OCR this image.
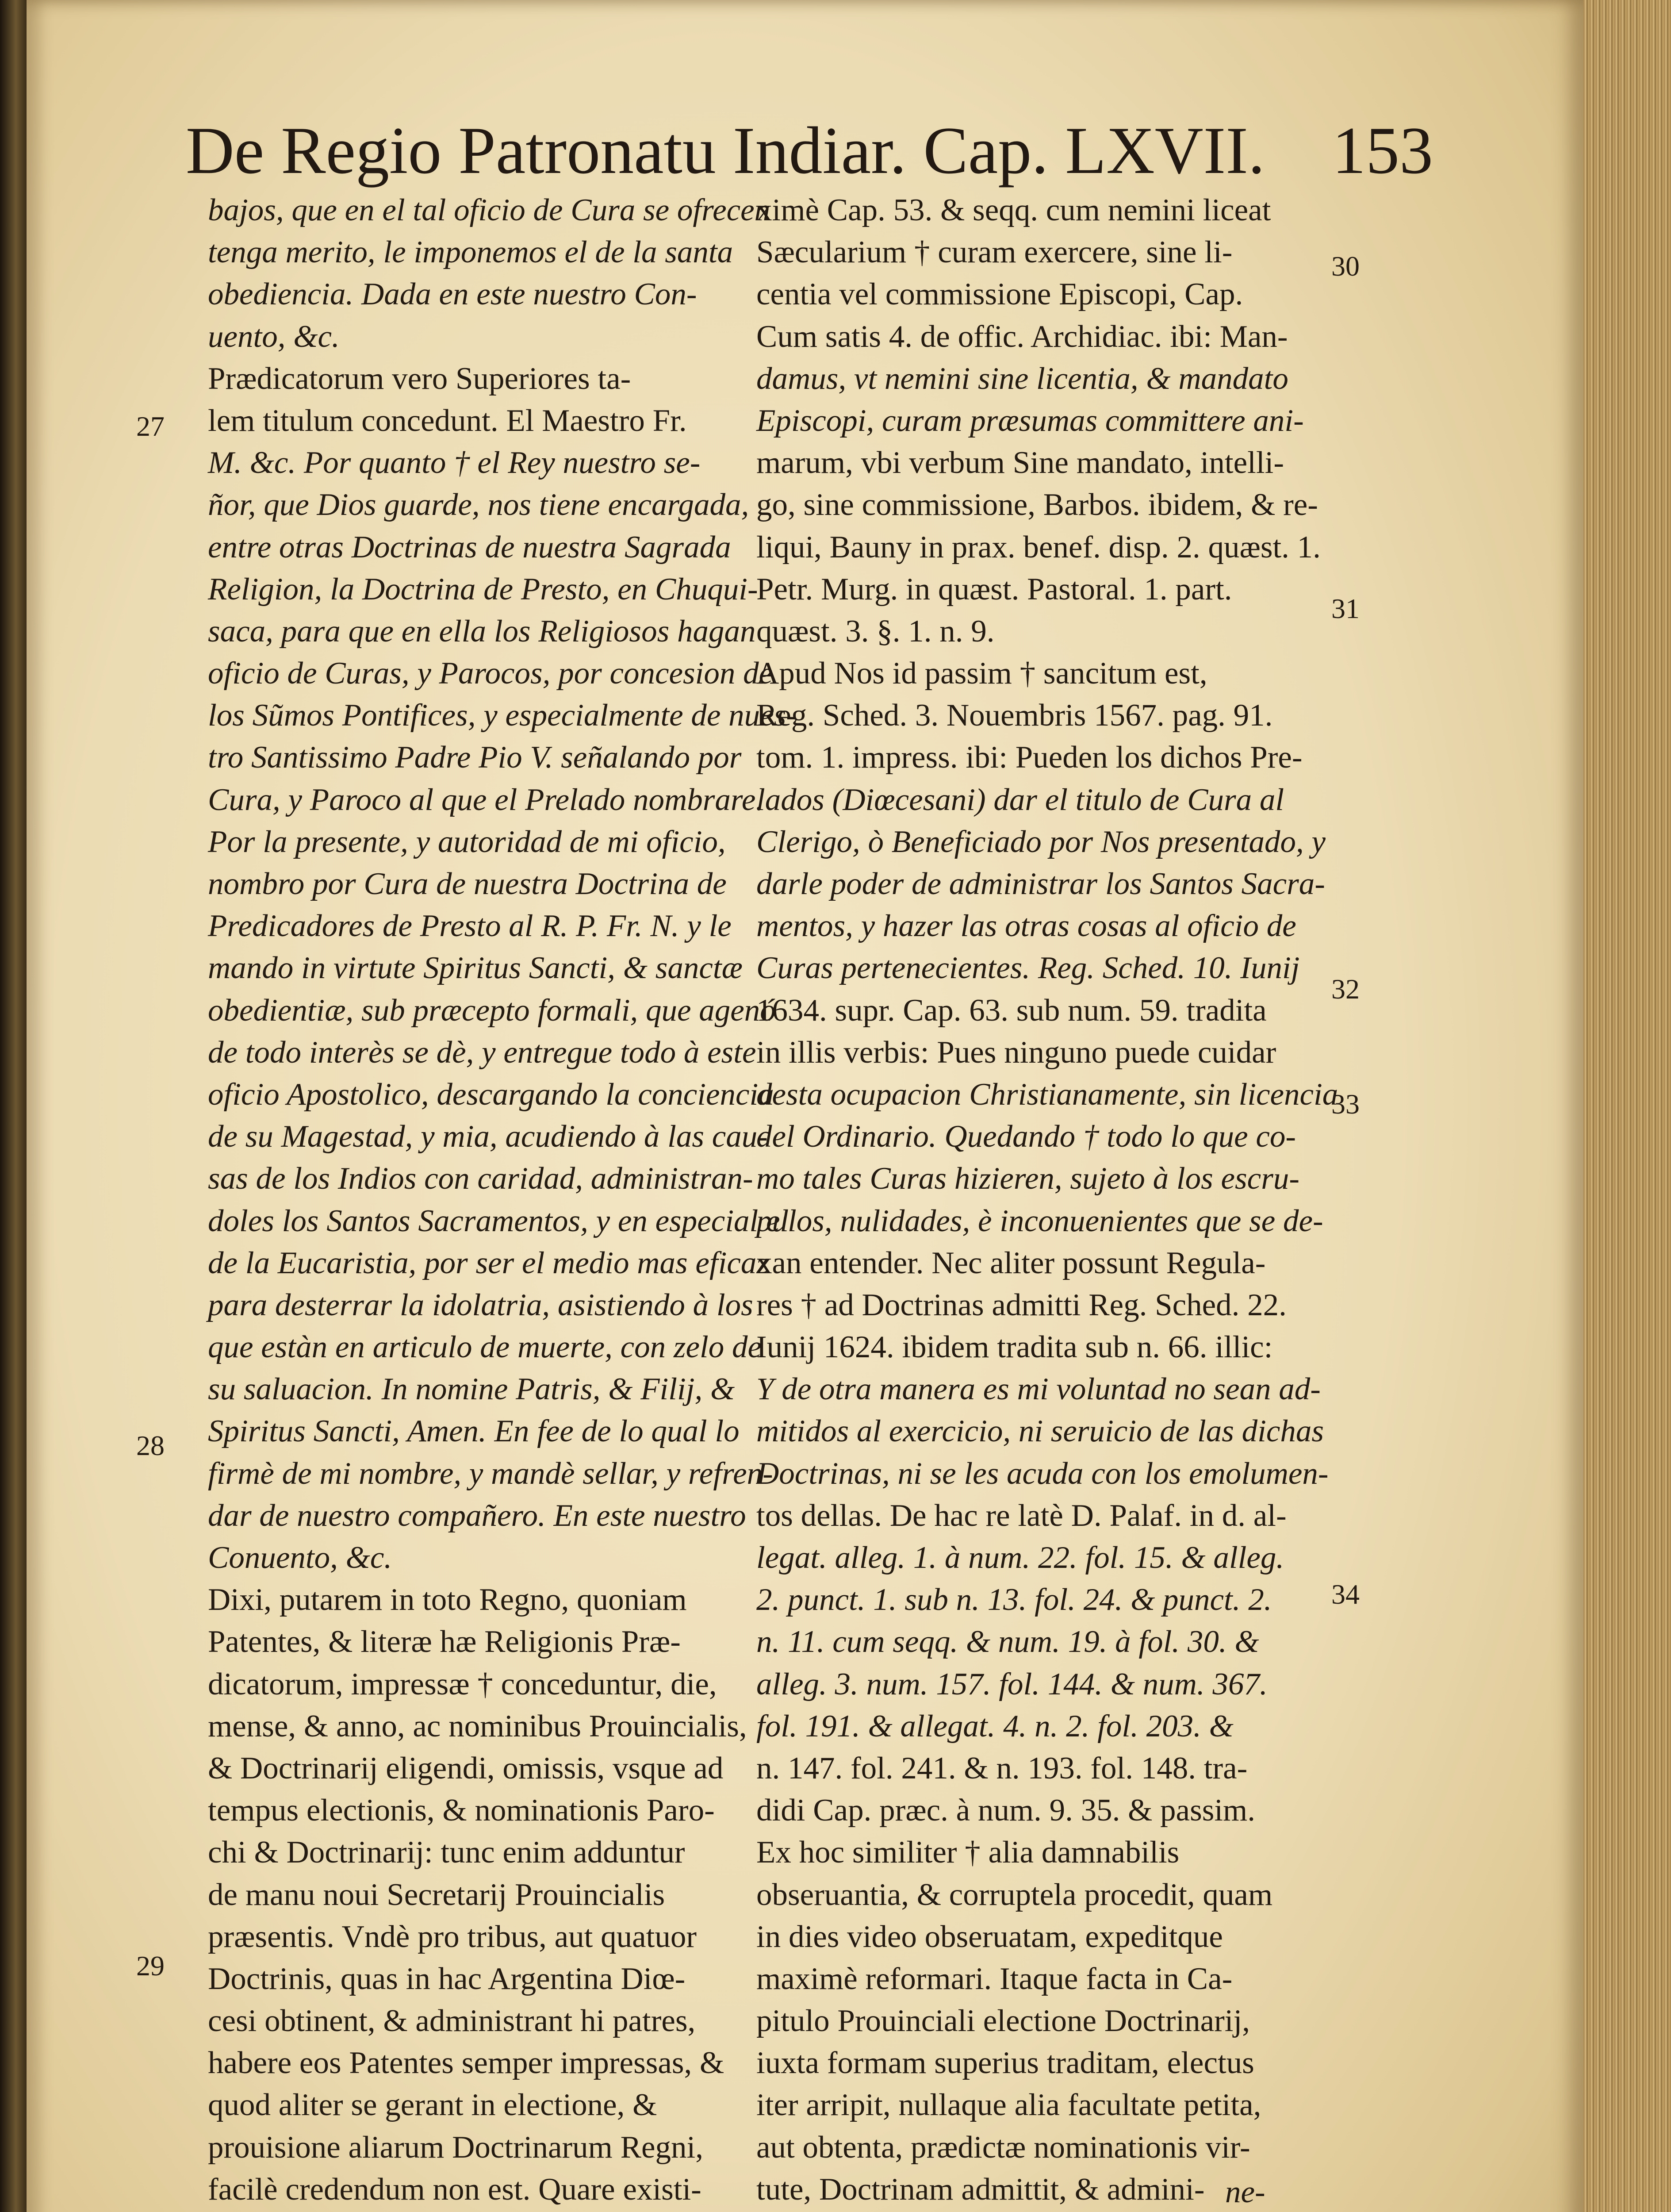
De Regio Patronatu Indiar. Cap. LXVII. 153
bajos, que en el tal oficio de Cura se ofrecen
tenga merito, le imponemos el de la santa
obediencia. Dada en este nuestro Con-
uento, &c.
Prædicatorum vero Superiores ta-
lem titulum concedunt. El Maestro Fr.
M. &c. Por quanto † el Rey nuestro se-
ñor, que Dios guarde, nos tiene encargada,
entre otras Doctrinas de nuestra Sagrada
Religion, la Doctrina de Presto, en Chuqui-
saca, para que en ella los Religiosos hagan
oficio de Curas, y Parocos, por concesion de
los Sũmos Pontifices, y especialmente de nues-
tro Santissimo Padre Pio V. señalando por
Cura, y Paroco al que el Prelado nombrare.
Por la presente, y autoridad de mi oficio,
nombro por Cura de nuestra Doctrina de
Predicadores de Presto al R. P. Fr. N. y le
mando in virtute Spiritus Sancti, & sanctæ
obedientiæ, sub præcepto formali, que agenó
de todo interès se dè, y entregue todo à este
oficio Apostolico, descargando la conciencia
de su Magestad, y mia, acudiendo à las cau-
sas de los Indios con caridad, administran-
doles los Santos Sacramentos, y en especial el
de la Eucaristia, por ser el medio mas eficaz
para desterrar la idolatria, asistiendo à los
que estàn en articulo de muerte, con zelo de
su saluacion. In nomine Patris, & Filij, &
Spiritus Sancti, Amen. En fee de lo qual lo
firmè de mi nombre, y mandè sellar, y refren-
dar de nuestro compañero. En este nuestro
Conuento, &c.
Dixi, putarem in toto Regno, quoniam
Patentes, & literæ hæ Religionis Præ-
dicatorum, impressæ † conceduntur, die,
mense, & anno, ac nominibus Prouincialis,
& Doctrinarij eligendi, omissis, vsque ad
tempus electionis, & nominationis Paro-
chi & Doctrinarij: tunc enim adduntur
de manu noui Secretarij Prouincialis
præsentis. Vndè pro tribus, aut quatuor
Doctrinis, quas in hac Argentina Diœ-
cesi obtinent, & administrant hi patres,
habere eos Patentes semper impressas, &
quod aliter se gerant in electione, &
prouisione aliarum Doctrinarum Regni,
facilè credendum non est. Quare existi-
ximè Cap. 53. & seqq. cum nemini liceat
Sæcularium † curam exercere, sine li-
centia vel commissione Episcopi, Cap.
Cum satis 4. de offic. Archidiac. ibi: Man-
damus, vt nemini sine licentia, & mandato
Episcopi, curam præsumas committere ani-
marum, vbi verbum Sine mandato, intelli-
go, sine commissione, Barbos. ibidem, & re-
liqui, Bauny in prax. benef. disp. 2. quæst. 1.
Petr. Murg. in quæst. Pastoral. 1. part.
quæst. 3. §. 1. n. 9.
Apud Nos id passim † sancitum est,
Reg. Sched. 3. Nouembris 1567. pag. 91.
tom. 1. impress. ibi: Pueden los dichos Pre-
lados (Diœcesani) dar el titulo de Cura al
Clerigo, ò Beneficiado por Nos presentado, y
darle poder de administrar los Santos Sacra-
mentos, y hazer las otras cosas al oficio de
Curas pertenecientes. Reg. Sched. 10. Iunij
1634. supr. Cap. 63. sub num. 59. tradita
in illis verbis: Pues ninguno puede cuidar
desta ocupacion Christianamente, sin licencia
del Ordinario. Quedando † todo lo que co-
mo tales Curas hizieren, sujeto à los escru-
pulos, nulidades, è inconuenientes que se de-
xan entender. Nec aliter possunt Regula-
res † ad Doctrinas admitti Reg. Sched. 22.
Iunij 1624. ibidem tradita sub n. 66. illic:
Y de otra manera es mi voluntad no sean ad-
mitidos al exercicio, ni seruicio de las dichas
Doctrinas, ni se les acuda con los emolumen-
tos dellas. De hac re latè D. Palaf. in d. al-
legat. alleg. 1. à num. 22. fol. 15. & alleg.
2. punct. 1. sub n. 13. fol. 24. & punct. 2.
n. 11. cum seqq. & num. 19. à fol. 30. &
alleg. 3. num. 157. fol. 144. & num. 367.
fol. 191. & allegat. 4. n. 2. fol. 203. &
n. 147. fol. 241. & n. 193. fol. 148. tra-
didi Cap. præc. à num. 9. 35. & passim.
Ex hoc similiter † alia damnabilis
obseruantia, & corruptela procedit, quam
in dies video obseruatam, expeditque
maximè reformari. Itaque facta in Ca-
pitulo Prouinciali electione Doctrinarij,
iuxta formam superius traditam, electus
iter arripit, nullaque alia facultate petita,
aut obtenta, prædictæ nominationis vir-
tute, Doctrinam admittit, & admini-
27
28
29
30
31
32
33
34
ne-
